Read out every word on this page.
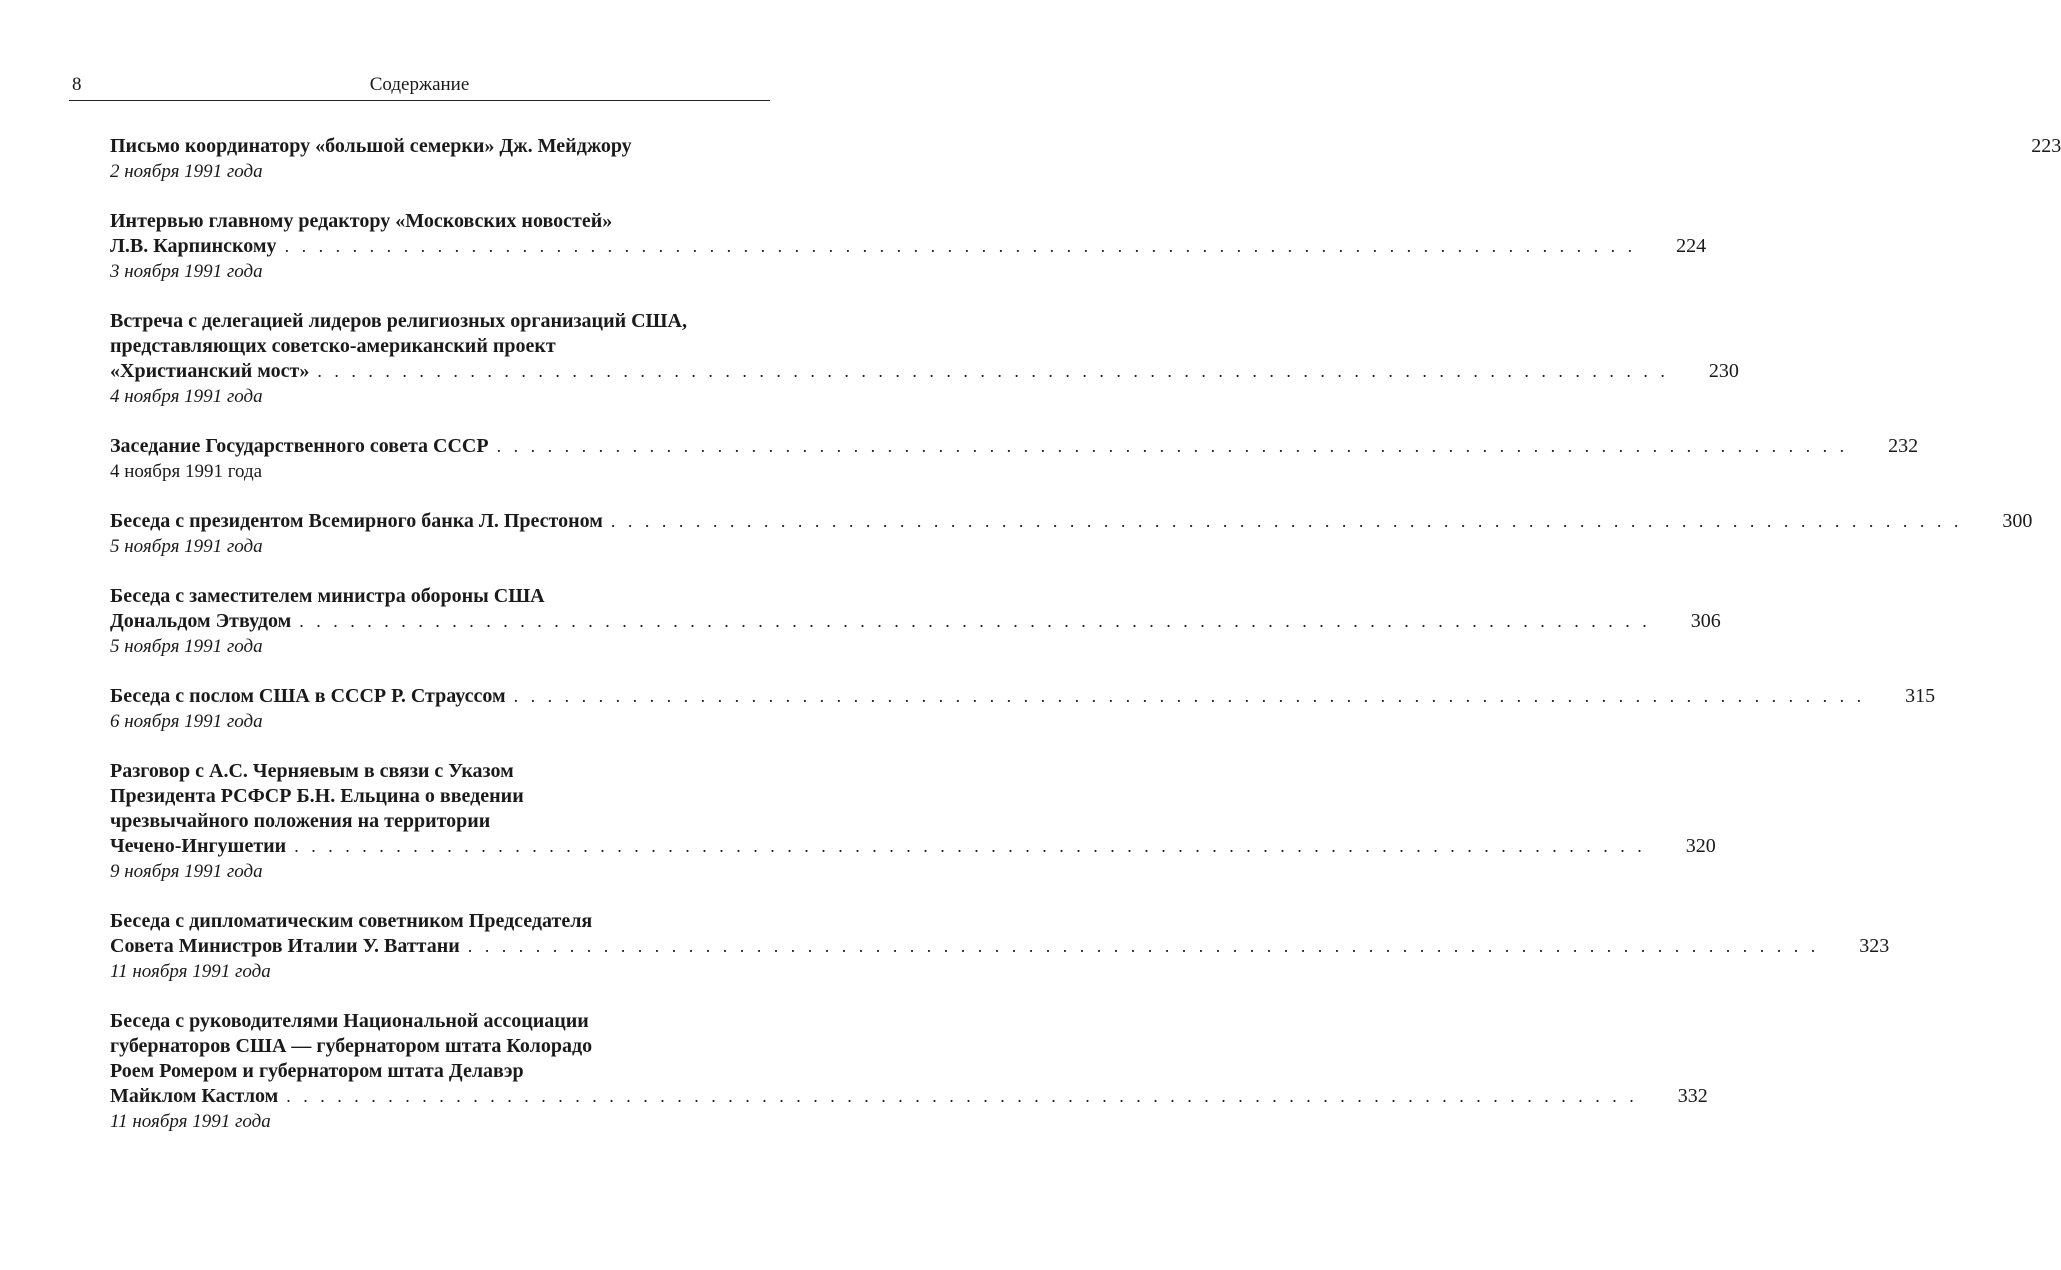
8	Содержание
Письмо координатору «большой семерки» Дж. Мейджору	223
2 ноября 1991 года
Интервью главному редактору «Московских новостей»
Л.В. Карпинскому . . . . . . . . . . . . . . . . . . . . . . . . . . . . . . . . . . . . . . . . . . . . . . . . . . . . . . . . . . . . . . . . . . . . . . . . . . . . . . . . 224
3 ноября 1991 года
Встреча с делегацией лидеров религиозных организаций США,
представляющих советско-американский проект
«Христианский мост» . . . . . . . . . . . . . . . . . . . . . . . . . . . . . . . . . . . . . . . . . . . . . . . . . . . . . . . . . . . . . . . . . . . . . . . . . . . . . . . . 230
4 ноября 1991 года
Заседание Государственного совета СССР . . . . . . . . . . . . . . . . . . . . . . . . . . . . . . . . . . . . . . . . . . . . . . . . . . . . . . . . . . . . . . . . . . . . . . . . . . . . . . . . 232
4 ноября 1991 года
Беседа с президентом Всемирного банка Л. Престоном . . . . . . . . . . . . . . . . . . . . . . . . . . . . . . . . . . . . . . . . . . . . . . . . . . . . . . . . . . . . . . . . . . . . . . . . . . . . . . . . 300
5 ноября 1991 года
Беседа с заместителем министра обороны США
Дональдом Этвудом . . . . . . . . . . . . . . . . . . . . . . . . . . . . . . . . . . . . . . . . . . . . . . . . . . . . . . . . . . . . . . . . . . . . . . . . . . . . . . . . 306
5 ноября 1991 года
Беседа с послом США в СССР Р. Страуссом . . . . . . . . . . . . . . . . . . . . . . . . . . . . . . . . . . . . . . . . . . . . . . . . . . . . . . . . . . . . . . . . . . . . . . . . . . . . . . . . 315
6 ноября 1991 года
Разговор с А.С. Черняевым в связи с Указом
Президента РСФСР Б.Н. Ельцина о введении
чрезвычайного положения на территории
Чечено-Ингушетии . . . . . . . . . . . . . . . . . . . . . . . . . . . . . . . . . . . . . . . . . . . . . . . . . . . . . . . . . . . . . . . . . . . . . . . . . . . . . . . . 320
9 ноября 1991 года
Беседа с дипломатическим советником Председателя
Совета Министров Италии У. Ваттани . . . . . . . . . . . . . . . . . . . . . . . . . . . . . . . . . . . . . . . . . . . . . . . . . . . . . . . . . . . . . . . . . . . . . . . . . . . . . . . . 323
11 ноября 1991 года
Беседа с руководителями Национальной ассоциации
губернаторов США — губернатором штата Колорадо
Роем Ромером и губернатором штата Делавэр
Майклом Кастлом . . . . . . . . . . . . . . . . . . . . . . . . . . . . . . . . . . . . . . . . . . . . . . . . . . . . . . . . . . . . . . . . . . . . . . . . . . . . . . . . 332
11 ноября 1991 года
